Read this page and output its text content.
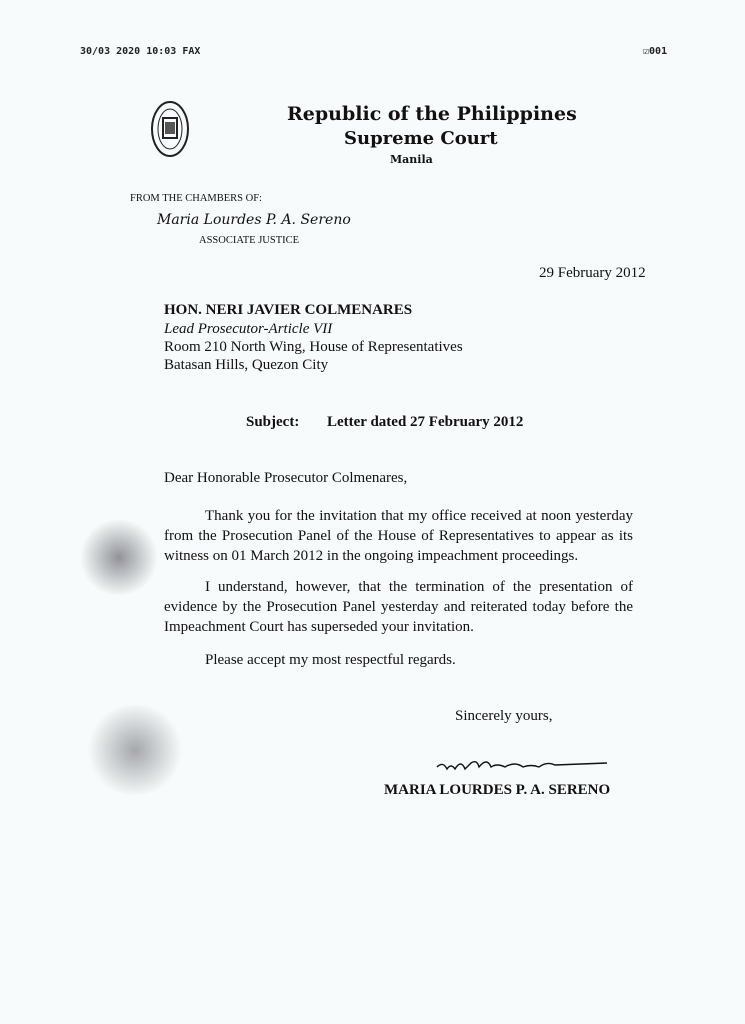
30/03 2020 10:03 FAX	☑001
Republic of the Philippines
Supreme Court
Manila
FROM THE CHAMBERS OF:
Maria Lourdes P. A. Sereno
ASSOCIATE JUSTICE
29 February 2012
HON. NERI JAVIER COLMENARES
Lead Prosecutor-Article VII
Room 210 North Wing, House of Representatives
Batasan Hills, Quezon City
Subject: Letter dated 27 February 2012
Dear Honorable Prosecutor Colmenares,
Thank you for the invitation that my office received at noon yesterday
from the Prosecution Panel of the House of Representatives to appear as its
witness on 01 March 2012 in the ongoing impeachment proceedings.
I understand, however, that the termination of the presentation of
evidence by the Prosecution Panel yesterday and reiterated today before the
Impeachment Court has superseded your invitation.
Please accept my most respectful regards.
Sincerely yours,
MARIA LOURDES P. A. SERENO
